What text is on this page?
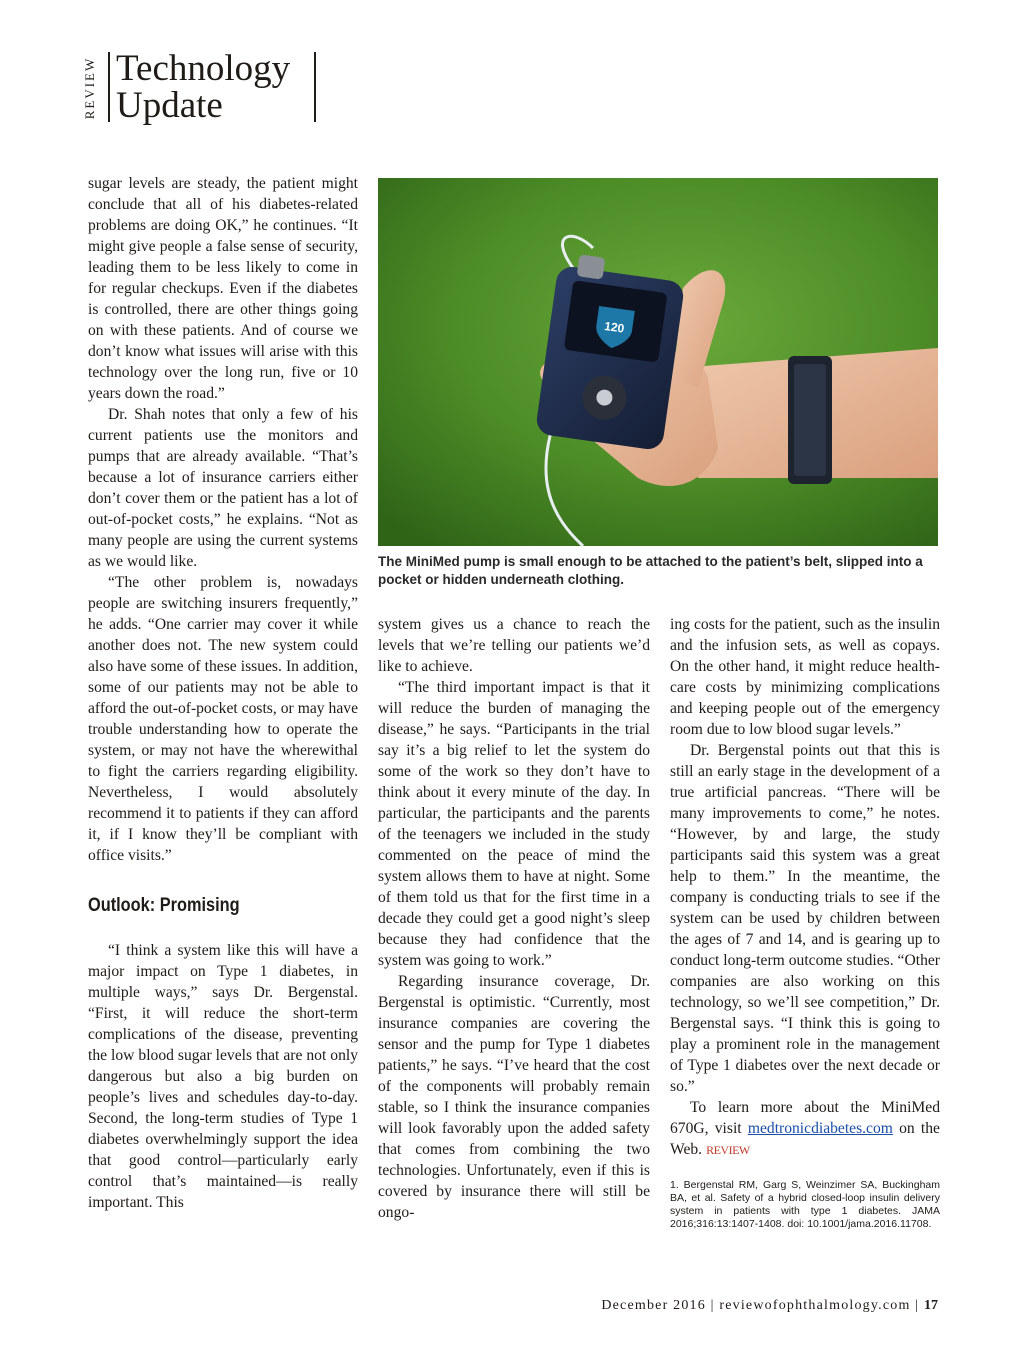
REVIEW Technology
Update

sugar levels are steady, the patient might conclude that all of his diabetes-related problems are doing OK,” he continues. “It might give people a false sense of security, leading them to be less likely to come in for regular checkups. Even if the diabetes is controlled, there are other things going on with these patients. And of course we don’t know what issues will arise with this technology over the long run, five or 10 years down the road.”

Dr. Shah notes that only a few of his current patients use the monitors and pumps that are already available. “That’s because a lot of insurance carriers either don’t cover them or the patient has a lot of out-of-pocket costs,” he explains. “Not as many people are using the current systems as we would like.

“The other problem is, nowadays people are switching insurers frequently,” he adds. “One carrier may cover it while another does not. The new system could also have some of these issues. In addition, some of our patients may not be able to afford the out-of-pocket costs, or may have trouble understanding how to operate the system, or may not have the wherewithal to fight the carriers regarding eligibility. Nevertheless, I would absolutely recommend it to patients if they can afford it, if I know they’ll be compliant with office visits.”

Outlook: Promising

“I think a system like this will have a major impact on Type 1 diabetes, in multiple ways,” says Dr. Bergenstal. “First, it will reduce the short-term complications of the disease, preventing the low blood sugar levels that are not only dangerous but also a big burden on people’s lives and schedules day-to-day. Second, the long-term studies of Type 1 diabetes overwhelmingly support the idea that good control—particularly early control that’s maintained—is really important. This

120
The MiniMed pump is small enough to be attached to the patient’s belt, slipped into a pocket or hidden underneath clothing.

system gives us a chance to reach the levels that we’re telling our patients we’d like to achieve.

“The third important impact is that it will reduce the burden of managing the disease,” he says. “Participants in the trial say it’s a big relief to let the system do some of the work so they don’t have to think about it every minute of the day. In particular, the participants and the parents of the teenagers we included in the study commented on the peace of mind the system allows them to have at night. Some of them told us that for the first time in a decade they could get a good night’s sleep because they had confidence that the system was going to work.”

Regarding insurance coverage, Dr. Bergenstal is optimistic. “Currently, most insurance companies are covering the sensor and the pump for Type 1 diabetes patients,” he says. “I’ve heard that the cost of the components will probably remain stable, so I think the insurance companies will look favorably upon the added safety that comes from combining the two technologies. Unfortunately, even if this is covered by insurance there will still be ongo-

ing costs for the patient, such as the insulin and the infusion sets, as well as copays. On the other hand, it might reduce health-care costs by minimizing complications and keeping people out of the emergency room due to low blood sugar levels.”

Dr. Bergenstal points out that this is still an early stage in the development of a true artificial pancreas. “There will be many improvements to come,” he notes. “However, by and large, the study participants said this system was a great help to them.” In the meantime, the company is conducting trials to see if the system can be used by children between the ages of 7 and 14, and is gearing up to conduct long-term outcome studies. “Other companies are also working on this technology, so we’ll see competition,” Dr. Bergenstal says. “I think this is going to play a prominent role in the management of Type 1 diabetes over the next decade or so.”

To learn more about the MiniMed 670G, visit medtronicdiabetes.com on the Web. REVIEW

1. Bergenstal RM, Garg S, Weinzimer SA, Buckingham BA, et al. Safety of a hybrid closed-loop insulin delivery system in patients with type 1 diabetes. JAMA 2016;316:13:1407-1408. doi: 10.1001/jama.2016.11708.
December 2016 | reviewofophthalmology.com | 17
